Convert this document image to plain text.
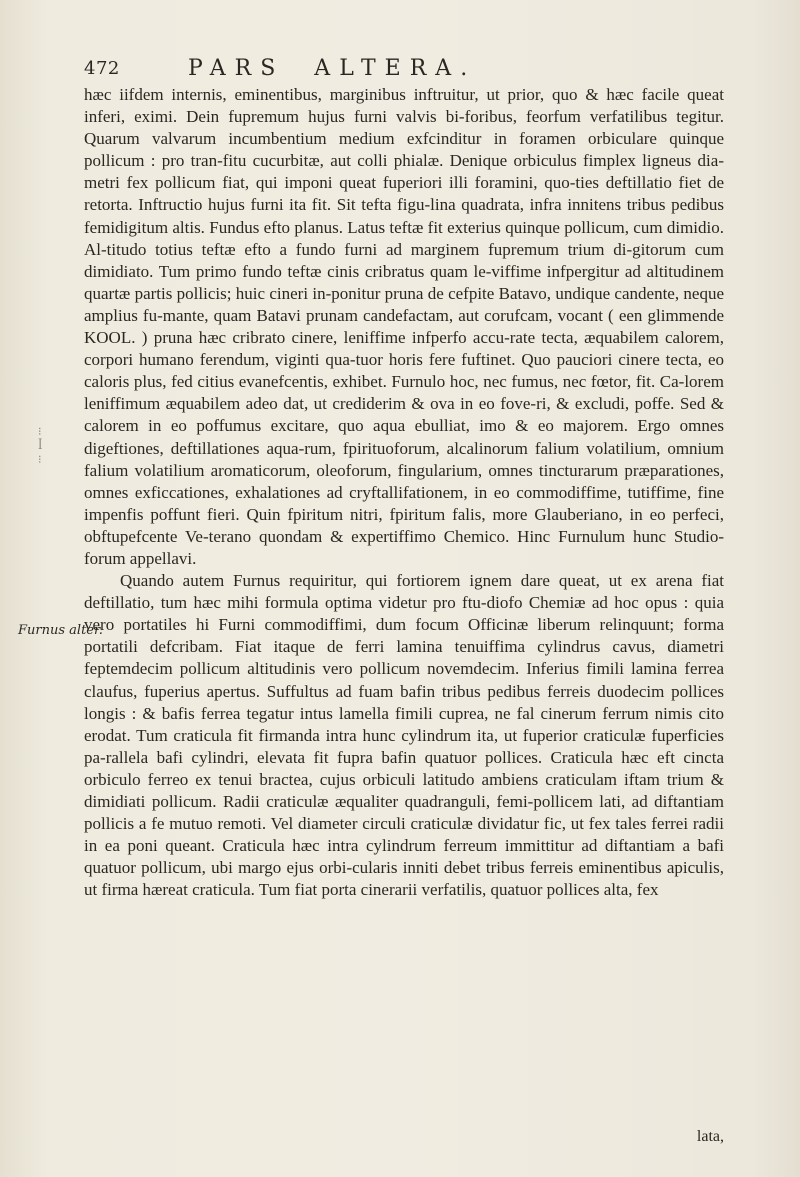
472	PARS ALTERA.
Furnus alter.
⁝
ꟾ
⁝

hæc iifdem internis, eminentibus, marginibus inftruitur, ut prior, quo & hæc facile queat inferi, eximi. Dein fupremum hujus furni valvis bi-foribus, feorfum verfatilibus tegitur. Quarum valvarum incumbentium medium exfcinditur in foramen orbiculare quinque pollicum : pro tran-fitu cucurbitæ, aut colli phialæ. Denique orbiculus fimplex ligneus dia-metri fex pollicum fiat, qui imponi queat fuperiori illi foramini, quo-ties deftillatio fiet de retorta. Inftructio hujus furni ita fit. Sit tefta figu-lina quadrata, infra innitens tribus pedibus femidigitum altis. Fundus efto planus. Latus teftæ fit exterius quinque pollicum, cum dimidio. Al-titudo totius teftæ efto a fundo furni ad marginem fupremum trium di-gitorum cum dimidiato. Tum primo fundo teftæ cinis cribratus quam le-viffime infpergitur ad altitudinem quartæ partis pollicis; huic cineri in-ponitur pruna de cefpite Batavo, undique candente, neque amplius fu-mante, quam Batavi prunam candefactam, aut corufcam, vocant ( een glimmende KOOL. ) pruna hæc cribrato cinere, leniffime infperfo accu-rate tecta, æquabilem calorem, corpori humano ferendum, viginti qua-tuor horis fere fuftinet. Quo pauciori cinere tecta, eo caloris plus, fed citius evanefcentis, exhibet. Furnulo hoc, nec fumus, nec fœtor, fit. Ca-lorem leniffimum æquabilem adeo dat, ut crediderim & ova in eo fove-ri, & excludi, poffe. Sed & calorem in eo poffumus excitare, quo aqua ebulliat, imo & eo majorem. Ergo omnes digeftiones, deftillationes aqua-rum, fpirituoforum, alcalinorum falium volatilium, omnium falium volatilium aromaticorum, oleoforum, fingularium, omnes tincturarum præparationes, omnes exficcationes, exhalationes ad cryftallifationem, in eo commodiffime, tutiffime, fine impenfis poffunt fieri. Quin fpiritum nitri, fpiritum falis, more Glauberiano, in eo perfeci, obftupefcente Ve-terano quondam & expertiffimo Chemico. Hinc Furnulum hunc Studio-forum appellavi.

Quando autem Furnus requiritur, qui fortiorem ignem dare queat, ut ex arena fiat deftillatio, tum hæc mihi formula optima videtur pro ftu-diofo Chemiæ ad hoc opus : quia vero portatiles hi Furni commodiffimi, dum focum Officinæ liberum relinquunt; forma portatili defcribam. Fiat itaque de ferri lamina tenuiffima cylindrus cavus, diametri feptemdecim pollicum altitudinis vero pollicum novemdecim. Inferius fimili lamina ferrea claufus, fuperius apertus. Suffultus ad fuam bafin tribus pedibus ferreis duodecim pollices longis : & bafis ferrea tegatur intus lamella fimili cuprea, ne fal cinerum ferrum nimis cito erodat. Tum craticula fit firmanda intra hunc cylindrum ita, ut fuperior craticulæ fuperficies pa-rallela bafi cylindri, elevata fit fupra bafin quatuor pollices. Craticula hæc eft cincta orbiculo ferreo ex tenui bractea, cujus orbiculi latitudo ambiens craticulam iftam trium & dimidiati pollicum. Radii craticulæ æqualiter quadranguli, femi-pollicem lati, ad diftantiam pollicis a fe mutuo remoti. Vel diameter circuli craticulæ dividatur fic, ut fex tales ferrei radii in ea poni queant. Craticula hæc intra cylindrum ferreum immittitur ad diftantiam a bafi quatuor pollicum, ubi margo ejus orbi-cularis inniti debet tribus ferreis eminentibus apiculis, ut firma hæreat craticula. Tum fiat porta cinerarii verfatilis, quatuor pollices alta, fex

lata,
